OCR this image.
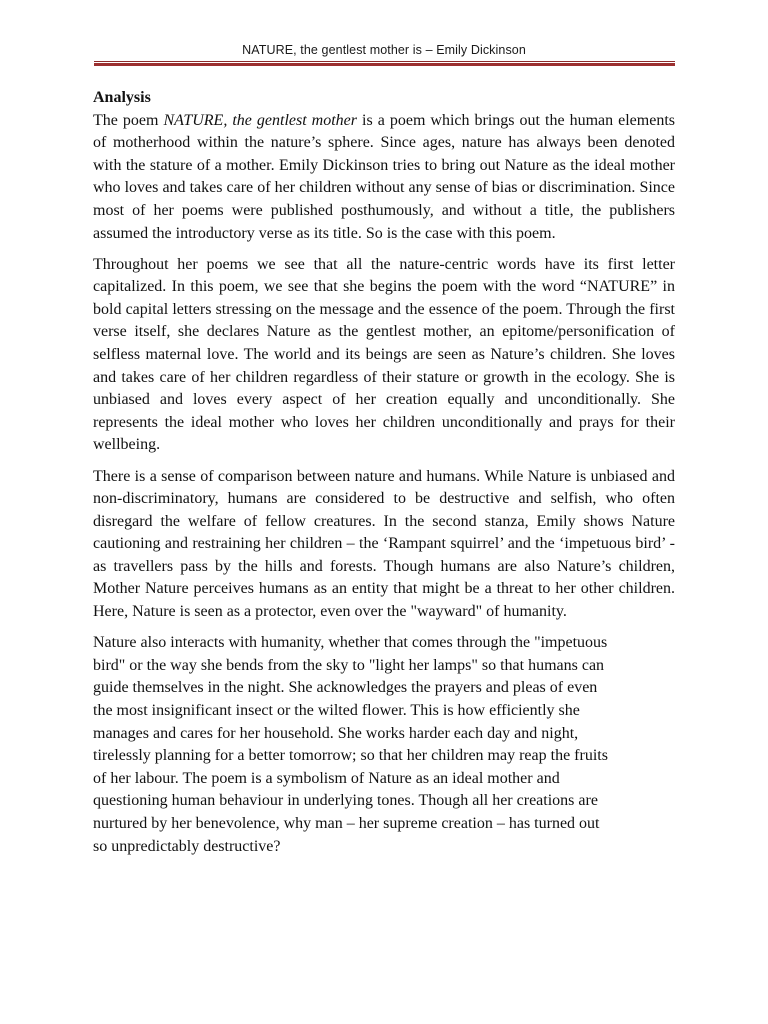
NATURE, the gentlest mother is – Emily Dickinson

Analysis

The poem NATURE, the gentlest mother is a poem which brings out the human elements of motherhood within the nature’s sphere. Since ages, nature has always been denoted with the stature of a mother. Emily Dickinson tries to bring out Nature as the ideal mother who loves and takes care of her children without any sense of bias or discrimination. Since most of her poems were published posthumously, and without a title, the publishers assumed the introductory verse as its title. So is the case with this poem.

Throughout her poems we see that all the nature-centric words have its first letter capitalized. In this poem, we see that she begins the poem with the word “NATURE” in bold capital letters stressing on the message and the essence of the poem. Through the first verse itself, she declares Nature as the gentlest mother, an epitome/personification of selfless maternal love. The world and its beings are seen as Nature’s children. She loves and takes care of her children regardless of their stature or growth in the ecology. She is unbiased and loves every aspect of her creation equally and unconditionally. She represents the ideal mother who loves her children unconditionally and prays for their wellbeing.

There is a sense of comparison between nature and humans. While Nature is unbiased and non-discriminatory, humans are considered to be destructive and selfish, who often disregard the welfare of fellow creatures. In the second stanza, Emily shows Nature cautioning and restraining her children – the ‘Rampant squirrel’ and the ‘impetuous bird’ - as travellers pass by the hills and forests. Though humans are also Nature’s children, Mother Nature perceives humans as an entity that might be a threat to her other children. Here, Nature is seen as a protector, even over the "wayward" of humanity.

Nature also interacts with humanity, whether that comes through the "impetuous
bird" or the way she bends from the sky to "light her lamps" so that humans can
guide themselves in the night. She acknowledges the prayers and pleas of even
the most insignificant insect or the wilted flower. This is how efficiently she
manages and cares for her household. She works harder each day and night,
tirelessly planning for a better tomorrow; so that her children may reap the fruits
of her labour. The poem is a symbolism of Nature as an ideal mother and
questioning human behaviour in underlying tones. Though all her creations are
nurtured by her benevolence, why man – her supreme creation – has turned out
so unpredictably destructive?
